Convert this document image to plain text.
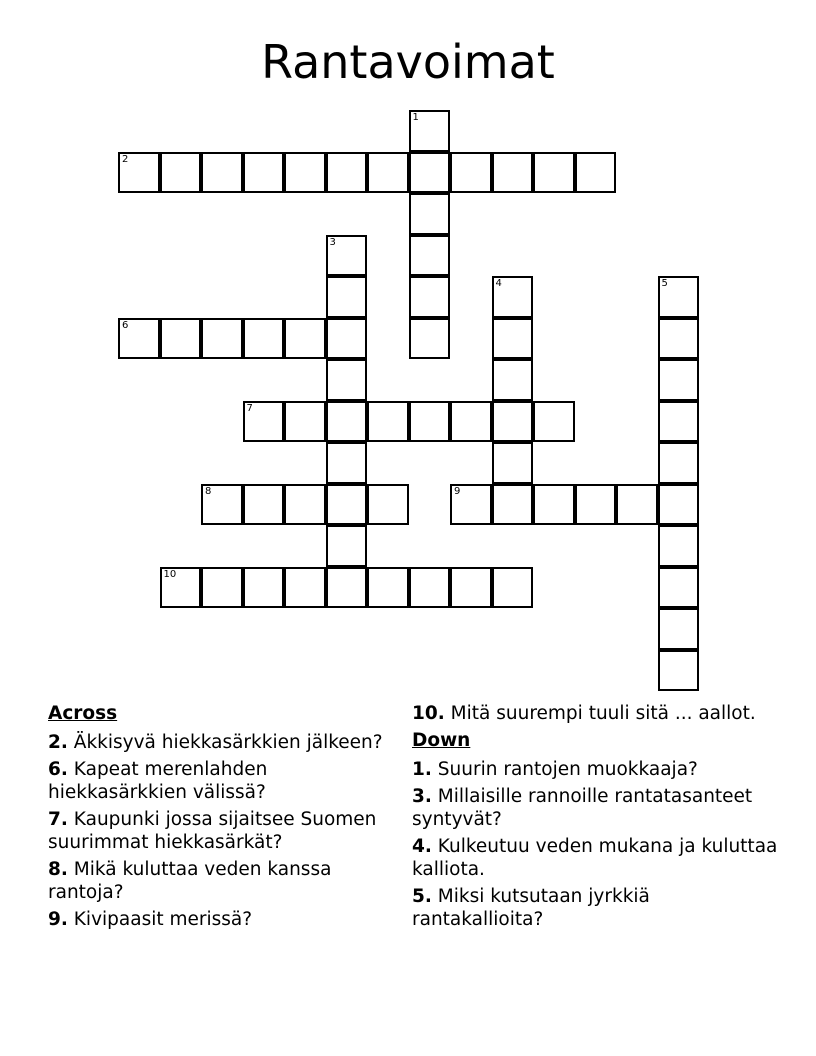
Rantavoimat
2
6
7
8	9
10
1
3
4	5
Across
2. Äkkisyvä hiekkasärkkien jälkeen?
6. Kapeat merenlahden hiekkasärkkien välissä?
7. Kaupunki jossa sijaitsee Suomen suurimmat hiekkasärkät?
8. Mikä kuluttaa veden kanssa rantoja?
9. Kivipaasit merissä?
10. Mitä suurempi tuuli sitä ... aallot.
Down
1. Suurin rantojen muokkaaja?
3. Millaisille rannoille rantatasanteet syntyvät?
4. Kulkeutuu veden mukana ja kuluttaa kalliota.
5. Miksi kutsutaan jyrkkiä rantakallioita?
